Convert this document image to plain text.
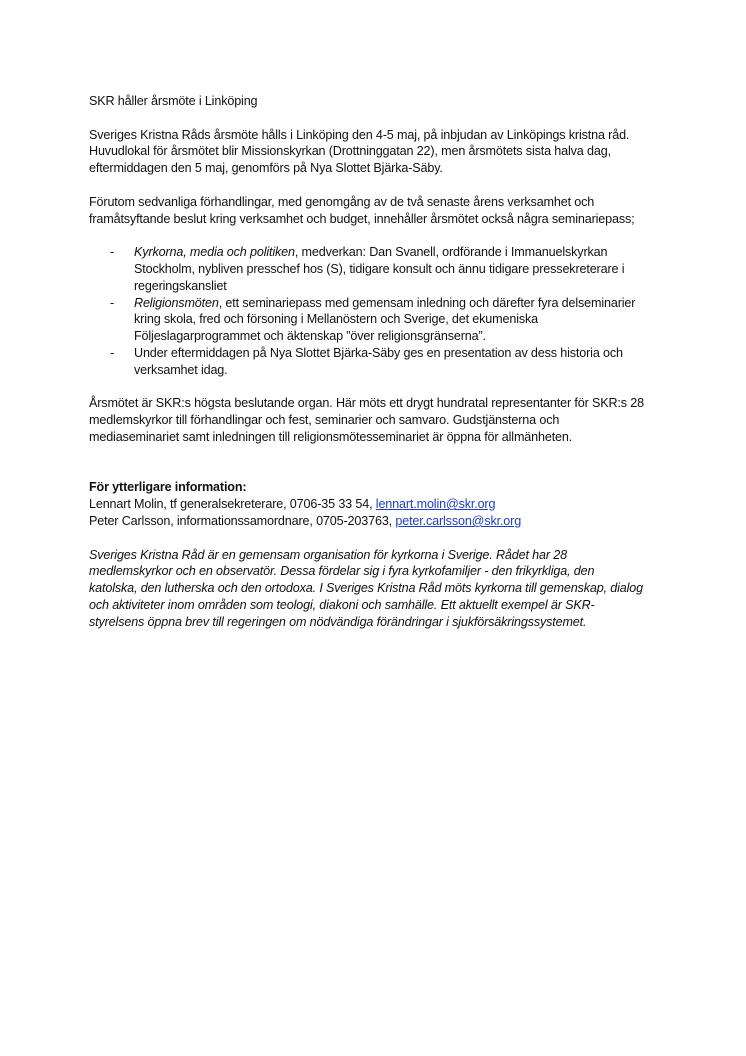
SKR håller årsmöte i Linköping

Sveriges Kristna Råds årsmöte hålls i Linköping den 4-5 maj, på inbjudan av Linköpings kristna råd.
Huvudlokal för årsmötet blir Missionskyrkan (Drottninggatan 22), men årsmötets sista halva dag,
eftermiddagen den 5 maj, genomförs på Nya Slottet Bjärka-Säby.

Förutom sedvanliga förhandlingar, med genomgång av de två senaste årens verksamhet och
framåtsyftande beslut kring verksamhet och budget, innehåller årsmötet också några seminariepass;

- Kyrkorna, media och politiken, medverkan: Dan Svanell, ordförande i Immanuelskyrkan
Stockholm, nybliven presschef hos (S), tidigare konsult och ännu tidigare pressekreterare i
regeringskansliet
- Religionsmöten, ett seminariepass med gemensam inledning och därefter fyra delseminarier
kring skola, fred och försoning i Mellanöstern och Sverige, det ekumeniska
Följeslagarprogrammet och äktenskap ”över religionsgränserna”.
- Under eftermiddagen på Nya Slottet Bjärka-Säby ges en presentation av dess historia och
verksamhet idag.

Årsmötet är SKR:s högsta beslutande organ. Här möts ett drygt hundratal representanter för SKR:s 28
medlemskyrkor till förhandlingar och fest, seminarier och samvaro. Gudstjänsterna och
mediaseminariet samt inledningen till religionsmötesseminariet är öppna för allmänheten.

För ytterligare information:

Lennart Molin, tf generalsekreterare, 0706-35 33 54, lennart.molin@skr.org

Peter Carlsson, informationssamordnare, 0705-203763, peter.carlsson@skr.org

Sveriges Kristna Råd är en gemensam organisation för kyrkorna i Sverige. Rådet har 28
medlemskyrkor och en observatör. Dessa fördelar sig i fyra kyrkofamiljer - den frikyrkliga, den
katolska, den lutherska och den ortodoxa. I Sveriges Kristna Råd möts kyrkorna till gemenskap, dialog
och aktiviteter inom områden som teologi, diakoni och samhälle. Ett aktuellt exempel är SKR-
styrelsens öppna brev till regeringen om nödvändiga förändringar i sjukförsäkringssystemet.
